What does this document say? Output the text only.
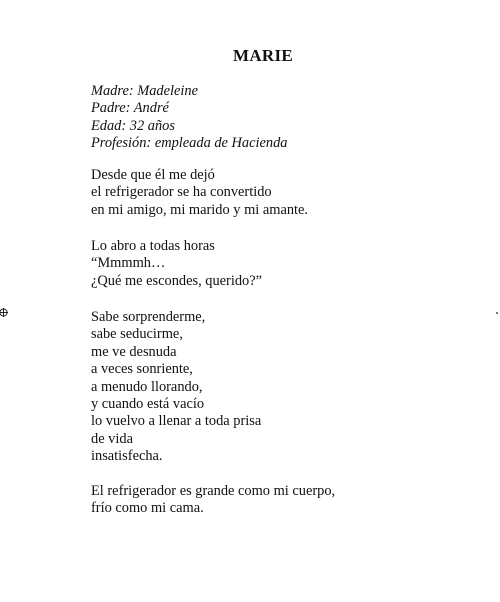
MARIE
Madre: Madeleine
Padre: André
Edad: 32 años
Profesión: empleada de Hacienda
Desde que él me dejó
el refrigerador se ha convertido
en mi amigo, mi marido y mi amante.
Lo abro a todas horas
“Mmmmh…
¿Qué me escondes, querido?”
Sabe sorprenderme,
sabe seducirme,
me ve desnuda
a veces sonriente,
a menudo llorando,
y cuando está vacío
lo vuelvo a llenar a toda prisa
de vida
insatisfecha.
El refrigerador es grande como mi cuerpo,
frío como mi cama.
